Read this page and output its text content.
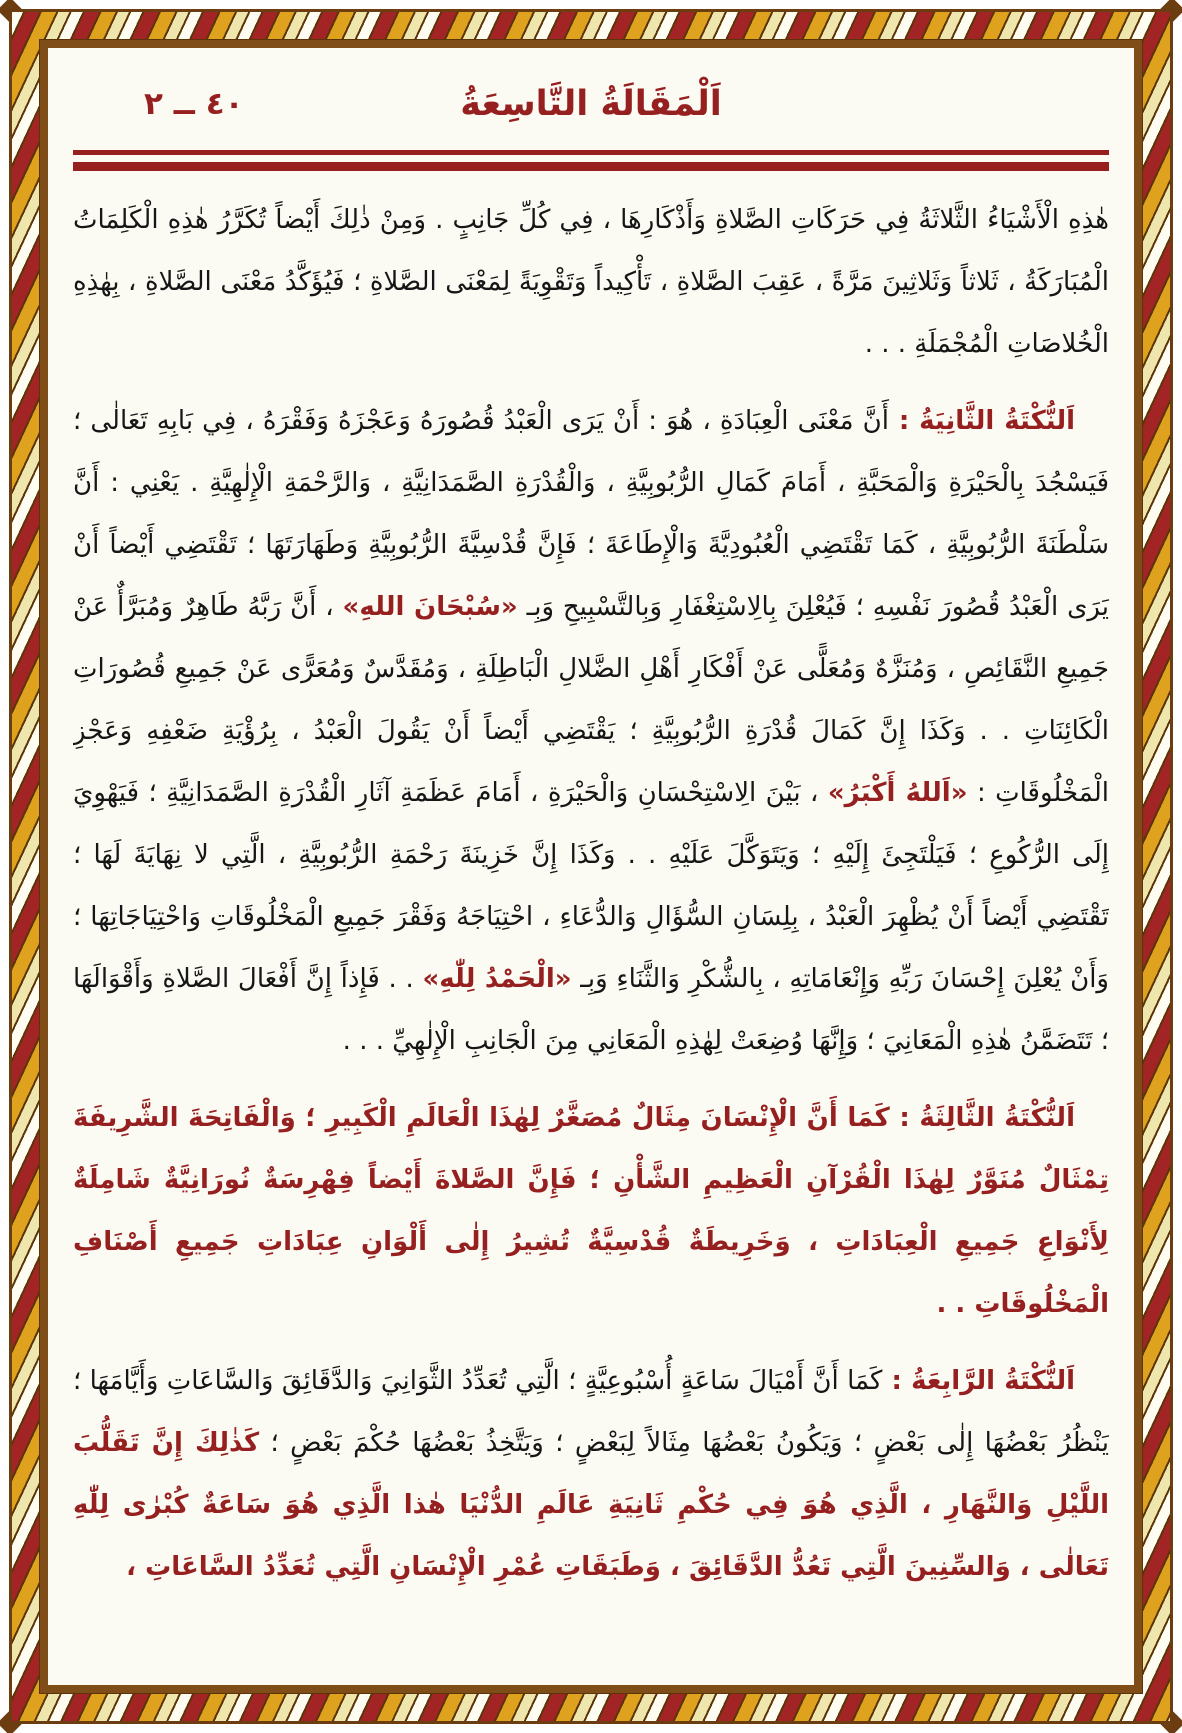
اَلْمَقَالَةُ التَّاسِعَةُ
٤٠ ــ ٢

هٰذِهِ الْأَشْيَاءُ الثَّلاثَةُ فِي حَرَكَاتِ الصَّلاةِ وَأَذْكَارِهَا ، فِي كُلِّ جَانِبٍ . وَمِنْ ذٰلِكَ أَيْضاً تُكَرَّرُ هٰذِهِ الْكَلِمَاتُ الْمُبَارَكَةُ ، ثَلاثاً وَثَلاثِينَ مَرَّةً ، عَقِبَ الصَّلاةِ ، تَأْكِيداً وَتَقْوِيَةً لِمَعْنَى الصَّلاةِ ؛ فَيُؤَكَّدُ مَعْنَى الصَّلاةِ ، بِهٰذِهِ الْخُلاصَاتِ الْمُجْمَلَةِ . . .

اَلنُّكْتَةُ الثَّانِيَةُ : أَنَّ مَعْنَى الْعِبَادَةِ ، هُوَ : أَنْ يَرَى الْعَبْدُ قُصُورَهُ وَعَجْزَهُ وَفَقْرَهُ ، فِي بَابِهِ تَعَالٰى ؛ فَيَسْجُدَ بِالْحَيْرَةِ وَالْمَحَبَّةِ ، أَمَامَ كَمَالِ الرُّبُوبِيَّةِ ، وَالْقُدْرَةِ الصَّمَدَانِيَّةِ ، وَالرَّحْمَةِ الْإِلٰهِيَّةِ . يَعْنِي : أَنَّ سَلْطَنَةَ الرُّبُوبِيَّةِ ، كَمَا تَقْتَضِي الْعُبُودِيَّةَ وَالْإِطَاعَةَ ؛ فَإِنَّ قُدْسِيَّةَ الرُّبُوبِيَّةِ وَطَهَارَتَهَا ؛ تَقْتَضِي أَيْضاً أَنْ يَرَى الْعَبْدُ قُصُورَ نَفْسِهِ ؛ فَيُعْلِنَ بِالِاسْتِغْفَارِ وَبِالتَّسْبِيحِ وَبِـ «سُبْحَانَ اللهِ» ، أَنَّ رَبَّهُ طَاهِرٌ وَمُبَرَّأٌ عَنْ جَمِيعِ النَّقَائِصِ ، وَمُنَزَّهٌ وَمُعَلًّى عَنْ أَفْكَارِ أَهْلِ الضَّلالِ الْبَاطِلَةِ ، وَمُقَدَّسٌ وَمُعَرًّى عَنْ جَمِيعِ قُصُورَاتِ الْكَائِنَاتِ . . وَكَذَا إِنَّ كَمَالَ قُدْرَةِ الرُّبُوبِيَّةِ ؛ يَقْتَضِي أَيْضاً أَنْ يَقُولَ الْعَبْدُ ، بِرُؤْيَةِ ضَعْفِهِ وَعَجْزِ الْمَخْلُوقَاتِ : «اَللهُ أَكْبَرُ» ، بَيْنَ الِاسْتِحْسَانِ وَالْحَيْرَةِ ، أَمَامَ عَظَمَةِ آثَارِ الْقُدْرَةِ الصَّمَدَانِيَّةِ ؛ فَيَهْوِيَ إِلَى الرُّكُوعِ ؛ فَيَلْتَجِئَ إِلَيْهِ ؛ وَيَتَوَكَّلَ عَلَيْهِ . . وَكَذَا إِنَّ خَزِينَةَ رَحْمَةِ الرُّبُوبِيَّةِ ، الَّتِي لا نِهَايَةَ لَهَا ؛ تَقْتَضِي أَيْضاً أَنْ يُظْهِرَ الْعَبْدُ ، بِلِسَانِ السُّؤَالِ وَالدُّعَاءِ ، احْتِيَاجَهُ وَفَقْرَ جَمِيعِ الْمَخْلُوقَاتِ وَاحْتِيَاجَاتِهَا ؛ وَأَنْ يُعْلِنَ إِحْسَانَ رَبِّهِ وَإِنْعَامَاتِهِ ، بِالشُّكْرِ وَالثَّنَاءِ وَبِـ «الْحَمْدُ لِلّٰهِ» . . فَإِذاً إِنَّ أَفْعَالَ الصَّلاةِ وَأَقْوَالَهَا ؛ تَتَضَمَّنُ هٰذِهِ الْمَعَانِيَ ؛ وَإِنَّهَا وُضِعَتْ لِهٰذِهِ الْمَعَانِي مِنَ الْجَانِبِ الْإِلٰهِيِّ . . .

اَلنُّكْتَةُ الثَّالِثَةُ : كَمَا أَنَّ الْإِنْسَانَ مِثَالٌ مُصَغَّرٌ لِهٰذَا الْعَالَمِ الْكَبِيرِ ؛ وَالْفَاتِحَةَ الشَّرِيفَةَ تِمْثَالٌ مُنَوَّرٌ لِهٰذَا الْقُرْآنِ الْعَظِيمِ الشَّأْنِ ؛ فَإِنَّ الصَّلاةَ أَيْضاً فِهْرِسَةٌ نُورَانِيَّةٌ شَامِلَةٌ لِأَنْوَاعِ جَمِيعِ الْعِبَادَاتِ ، وَخَرِيطَةٌ قُدْسِيَّةٌ تُشِيرُ إِلٰى أَلْوَانِ عِبَادَاتِ جَمِيعِ أَصْنَافِ الْمَخْلُوقَاتِ . .

اَلنُّكْتَةُ الرَّابِعَةُ : كَمَا أَنَّ أَمْيَالَ سَاعَةٍ أُسْبُوعِيَّةٍ ؛ الَّتِي تُعَدِّدُ الثَّوَانِيَ وَالدَّقَائِقَ وَالسَّاعَاتِ وَأَيَّامَهَا ؛ يَنْظُرُ بَعْضُهَا إِلٰى بَعْضٍ ؛ وَيَكُونُ بَعْضُهَا مِثَالاً لِبَعْضٍ ؛ وَيَتَّخِذُ بَعْضُهَا حُكْمَ بَعْضٍ ؛ كَذٰلِكَ إِنَّ تَقَلُّبَ اللَّيْلِ وَالنَّهَارِ ، الَّذِي هُوَ فِي حُكْمِ ثَانِيَةِ عَالَمِ الدُّنْيَا هٰذا الَّذِي هُوَ سَاعَةٌ كُبْرٰى لِلّٰهِ تَعَالٰى ، وَالسِّنِينَ الَّتِي تَعُدُّ الدَّقَائِقَ ، وَطَبَقَاتِ عُمْرِ الْإِنْسَانِ الَّتِي تُعَدِّدُ السَّاعَاتِ ،
